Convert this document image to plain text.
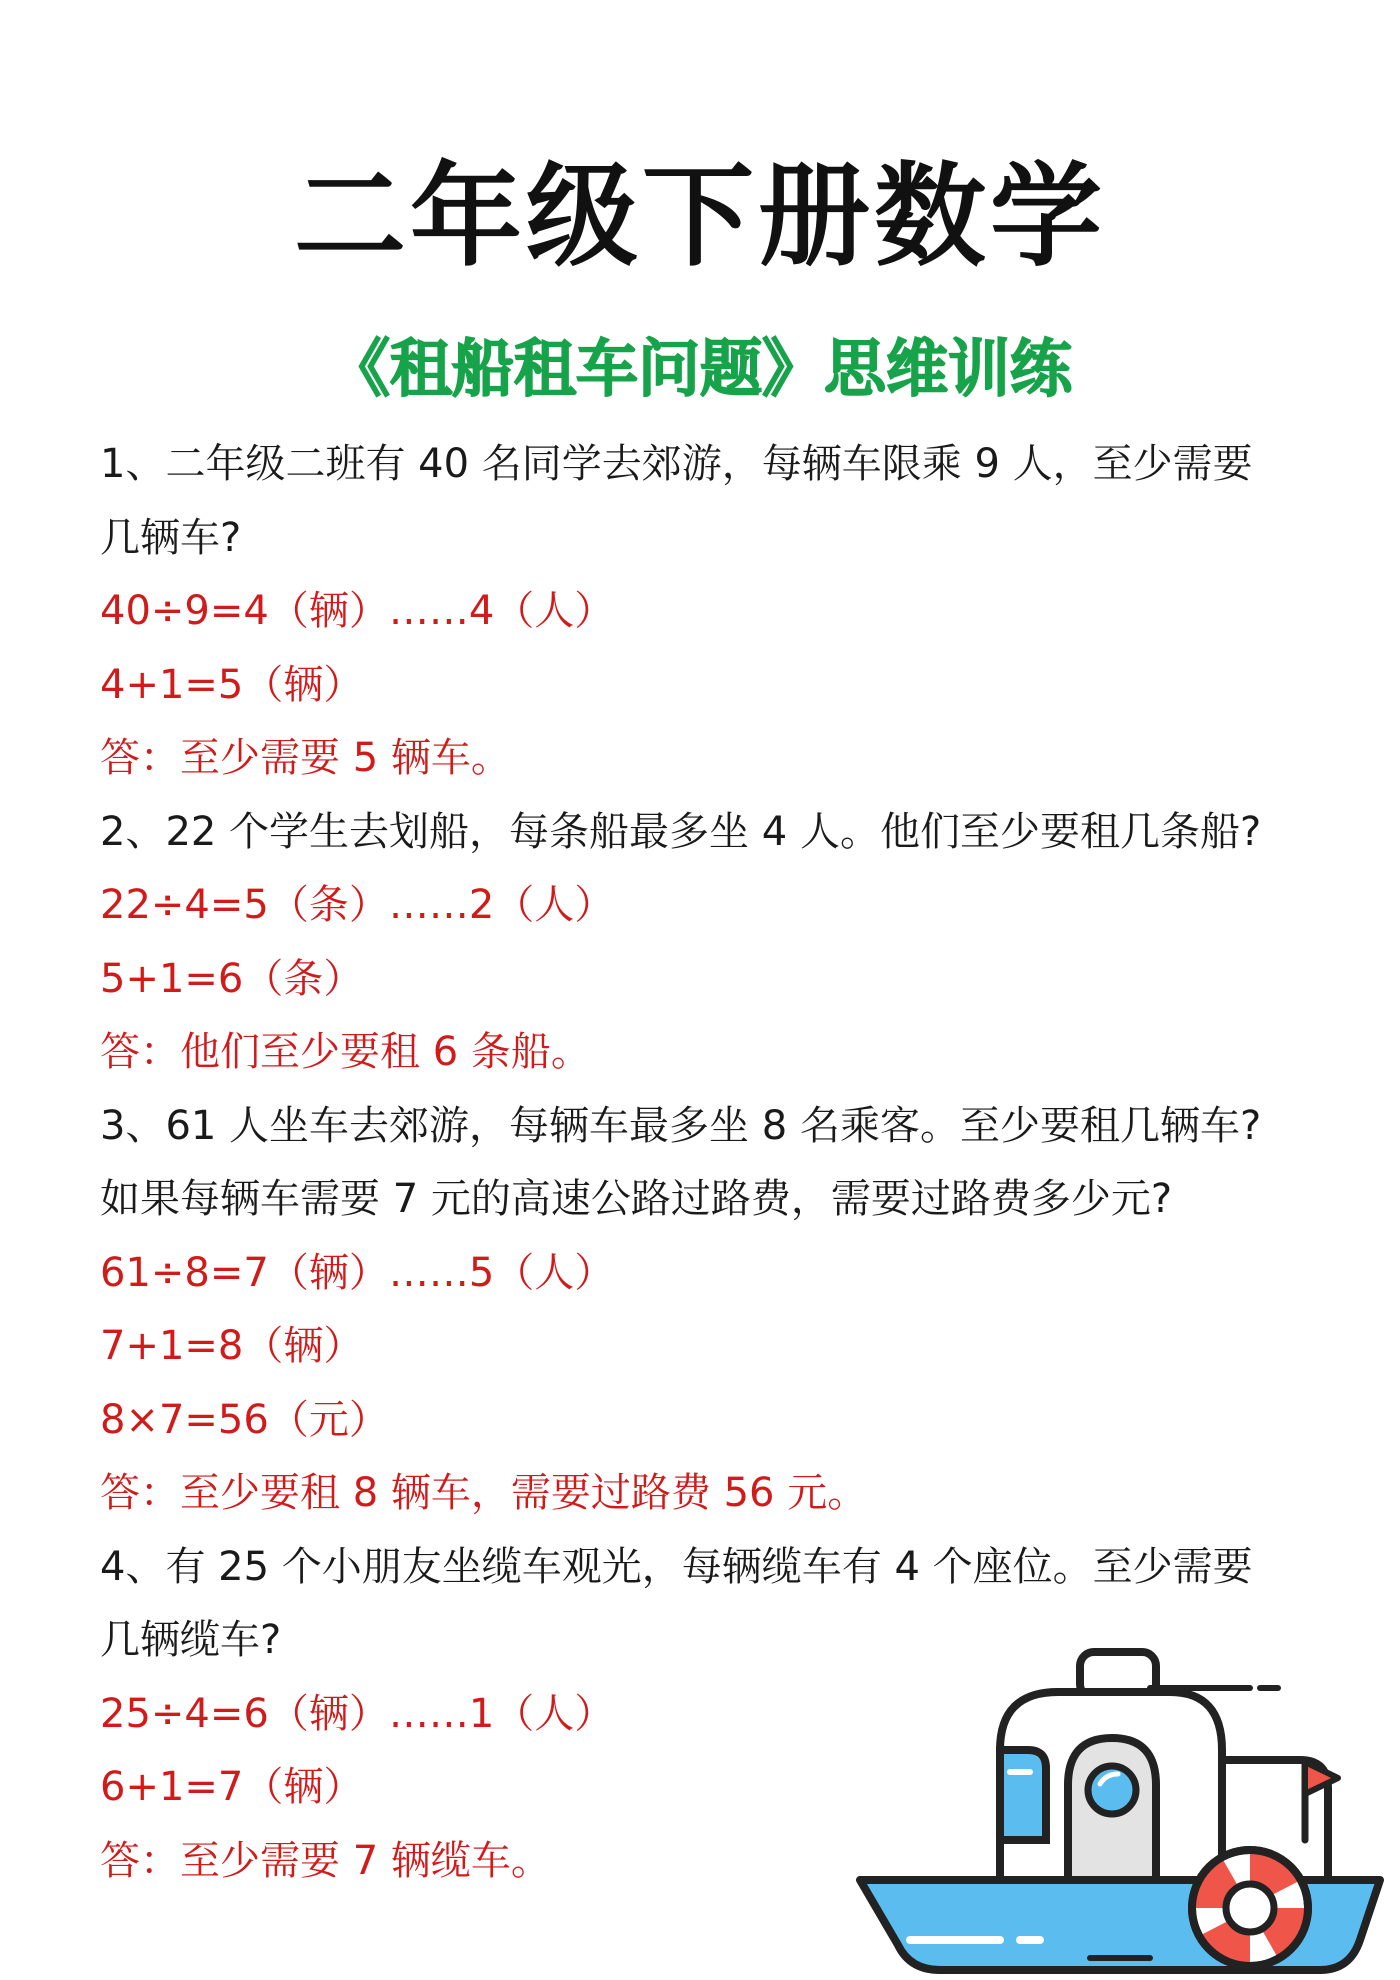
二年级下册数学
《租船租车问题》思维训练

1、二年级二班有 40 名同学去郊游，每辆车限乘 9 人，至少需要

几辆车?

40÷9=4（辆）……4（人）

4+1=5（辆）

答：至少需要 5 辆车。

2、22 个学生去划船，每条船最多坐 4 人。他们至少要租几条船?

22÷4=5（条）……2（人）

5+1=6（条）

答：他们至少要租 6 条船。

3、61 人坐车去郊游，每辆车最多坐 8 名乘客。至少要租几辆车?

如果每辆车需要 7 元的高速公路过路费，需要过路费多少元?

61÷8=7（辆）……5（人）

7+1=8（辆）

8×7=56（元）

答：至少要租 8 辆车，需要过路费 56 元。

4、有 25 个小朋友坐缆车观光，每辆缆车有 4 个座位。至少需要

几辆缆车?

25÷4=6（辆）……1（人）

6+1=7（辆）

答：至少需要 7 辆缆车。
